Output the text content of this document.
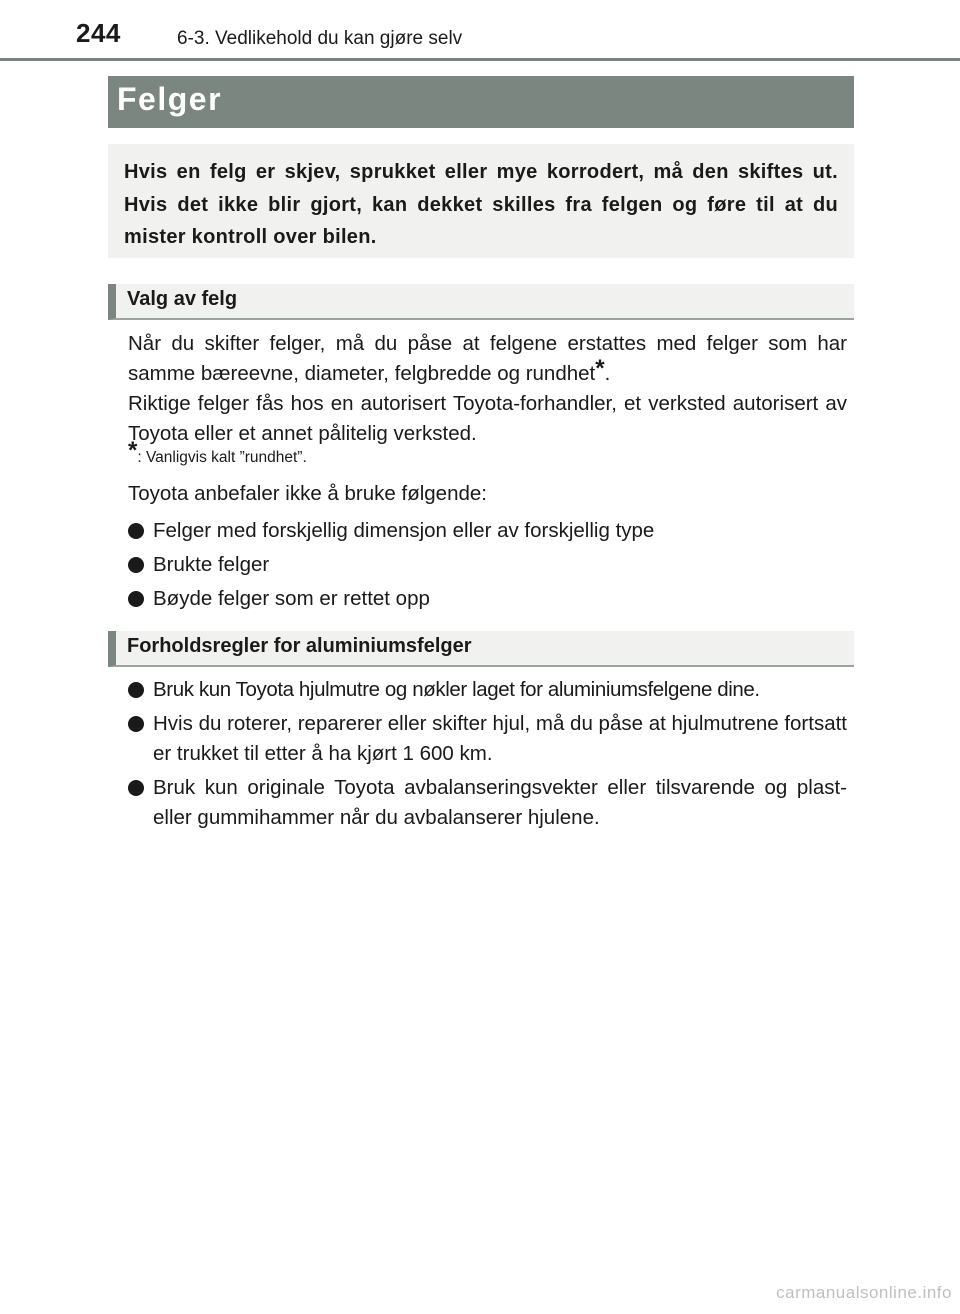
244	6-3. Vedlikehold du kan gjøre selv
Felger
Hvis en felg er skjev, sprukket eller mye korrodert, må den skiftes ut. Hvis det ikke blir gjort, kan dekket skilles fra felgen og føre til at du mister kontroll over bilen.
Valg av felg

Når du skifter felger, må du påse at felgene erstattes med felger som har samme bæreevne, diameter, felgbredde og rundhet*.

Riktige felger fås hos en autorisert Toyota-forhandler, et verksted autorisert av Toyota eller et annet pålitelig verksted.

*: Vanligvis kalt ”rundhet”.

Toyota anbefaler ikke å bruke følgende:

Felger med forskjellig dimensjon eller av forskjellig type
Brukte felger
Bøyde felger som er rettet opp
Forholdsregler for aluminiumsfelger
Bruk kun Toyota hjulmutre og nøkler laget for aluminiumsfelgene dine.
Hvis du roterer, reparerer eller skifter hjul, må du påse at hjulmutrene fortsatt er trukket til etter å ha kjørt 1 600 km.
Bruk kun originale Toyota avbalanseringsvekter eller tilsvarende og plast- eller gummihammer når du avbalanserer hjulene.
carmanualsonline.info
